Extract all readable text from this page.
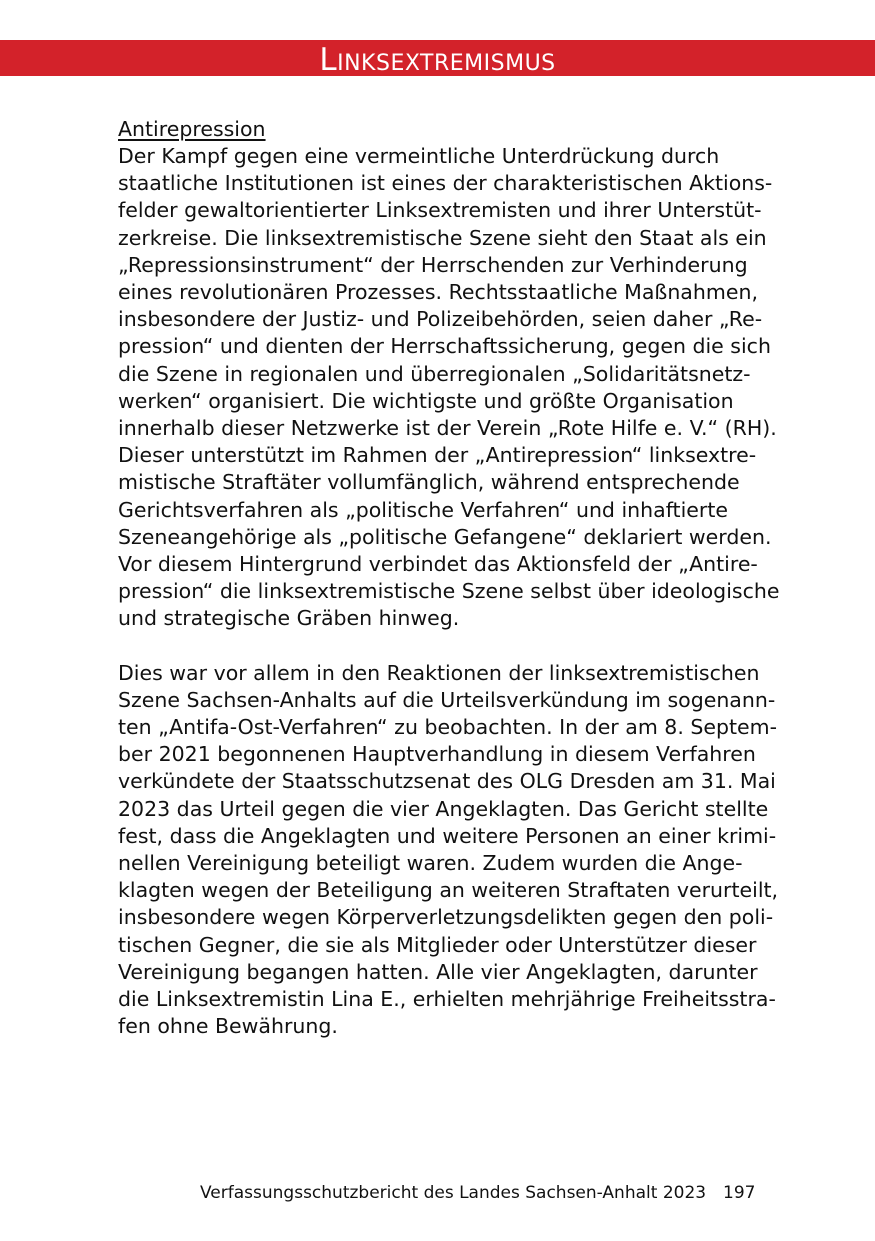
Linksextremismus
Antirepression

Der Kampf gegen eine vermeintliche Unterdrückung durch
staatliche Institutionen ist eines der charakteristischen Aktions-
felder gewaltorientierter Linksextremisten und ihrer Unterstüt-
zerkreise. Die linksextremistische Szene sieht den Staat als ein
„Repressionsinstrument“ der Herrschenden zur Verhinderung
eines revolutionären Prozesses. Rechtsstaatliche Maßnahmen,
insbesondere der Justiz- und Polizeibehörden, seien daher „Re-
pression“ und dienten der Herrschaftssicherung, gegen die sich
die Szene in regionalen und überregionalen „Solidaritätsnetz-
werken“ organisiert. Die wichtigste und größte Organisation
innerhalb dieser Netzwerke ist der Verein „Rote Hilfe e. V.“ (RH).
Dieser unterstützt im Rahmen der „Antirepression“ linksextre-
mistische Straftäter vollumfänglich, während entsprechende
Gerichtsverfahren als „politische Verfahren“ und inhaftierte
Szeneangehörige als „politische Gefangene“ deklariert werden.
Vor diesem Hintergrund verbindet das Aktionsfeld der „Antire-
pression“ die linksextremistische Szene selbst über ideologische
und strategische Gräben hinweg.

Dies war vor allem in den Reaktionen der linksextremistischen
Szene Sachsen-Anhalts auf die Urteilsverkündung im sogenann-
ten „Antifa-Ost-Verfahren“ zu beobachten. In der am 8. Septem-
ber 2021 begonnenen Hauptverhandlung in diesem Verfahren
verkündete der Staatsschutzsenat des OLG Dresden am 31. Mai
2023 das Urteil gegen die vier Angeklagten. Das Gericht stellte
fest, dass die Angeklagten und weitere Personen an einer krimi-
nellen Vereinigung beteiligt waren. Zudem wurden die Ange-
klagten wegen der Beteiligung an weiteren Straftaten verurteilt,
insbesondere wegen Körperverletzungsdelikten gegen den poli-
tischen Gegner, die sie als Mitglieder oder Unterstützer dieser
Vereinigung begangen hatten. Alle vier Angeklagten, darunter
die Linksextremistin Lina E., erhielten mehrjährige Freiheitsstra-
fen ohne Bewährung.

Verfassungsschutzbericht des Landes Sachsen-Anhalt 2023 197
